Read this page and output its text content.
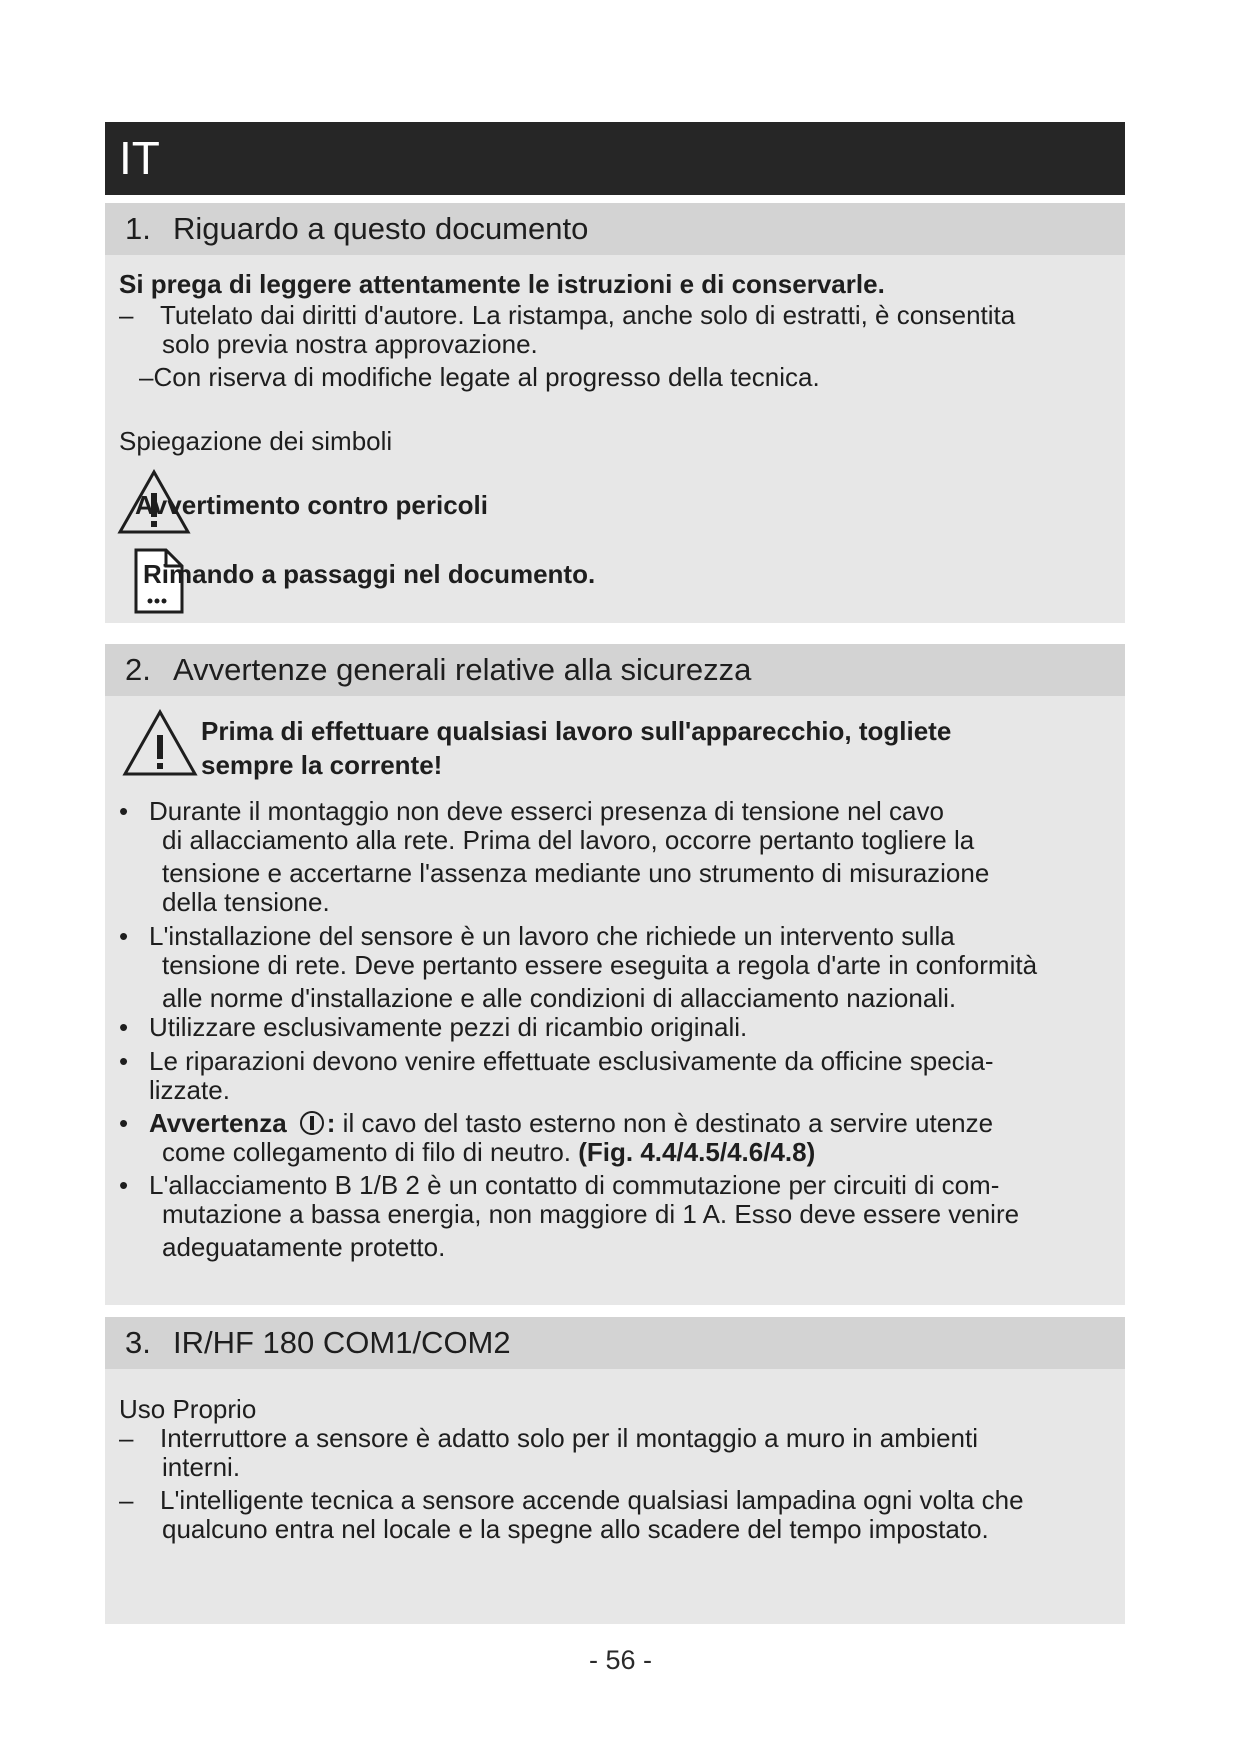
IT
1. Riguardo a questo documento
Si prega di leggere attentamente le istruzioni e di conservarle.
– Tutelato dai diritti d'autore. La ristampa, anche solo di estratti, è consentita
solo previa nostra approvazione.
–Con riserva di modifiche legate al progresso della tecnica.
Spiegazione dei simboli
Avvertimento contro pericoli
Rimando a passaggi nel documento.
2. Avvertenze generali relative alla sicurezza
Prima di effettuare qualsiasi lavoro sull'apparecchio, togliete
sempre la corrente!
• Durante il montaggio non deve esserci presenza di tensione nel cavo
di allacciamento alla rete. Prima del lavoro, occorre pertanto togliere la
tensione e accertarne l'assenza mediante uno strumento di misurazione
della tensione.
• L'installazione del sensore è un lavoro che richiede un intervento sulla
tensione di rete. Deve pertanto essere eseguita a regola d'arte in conformità
alle norme d'installazione e alle condizioni di allacciamento nazionali.
• Utilizzare esclusivamente pezzi di ricambio originali.
• Le riparazioni devono venire effettuate esclusivamente da officine specia-
lizzate.
• Avvertenza : il cavo del tasto esterno non è destinato a servire utenze
come collegamento di filo di neutro. (Fig. 4.4/4.5/4.6/4.8)
• L'allacciamento B 1/B 2 è un contatto di commutazione per circuiti di com-
mutazione a bassa energia, non maggiore di 1 A. Esso deve essere venire
adeguatamente protetto.
3. IR/HF 180 COM1/COM2
Uso Proprio
– Interruttore a sensore è adatto solo per il montaggio a muro in ambienti
interni.
– L'intelligente tecnica a sensore accende qualsiasi lampadina ogni volta che
qualcuno entra nel locale e la spegne allo scadere del tempo impostato.
- 56 -
